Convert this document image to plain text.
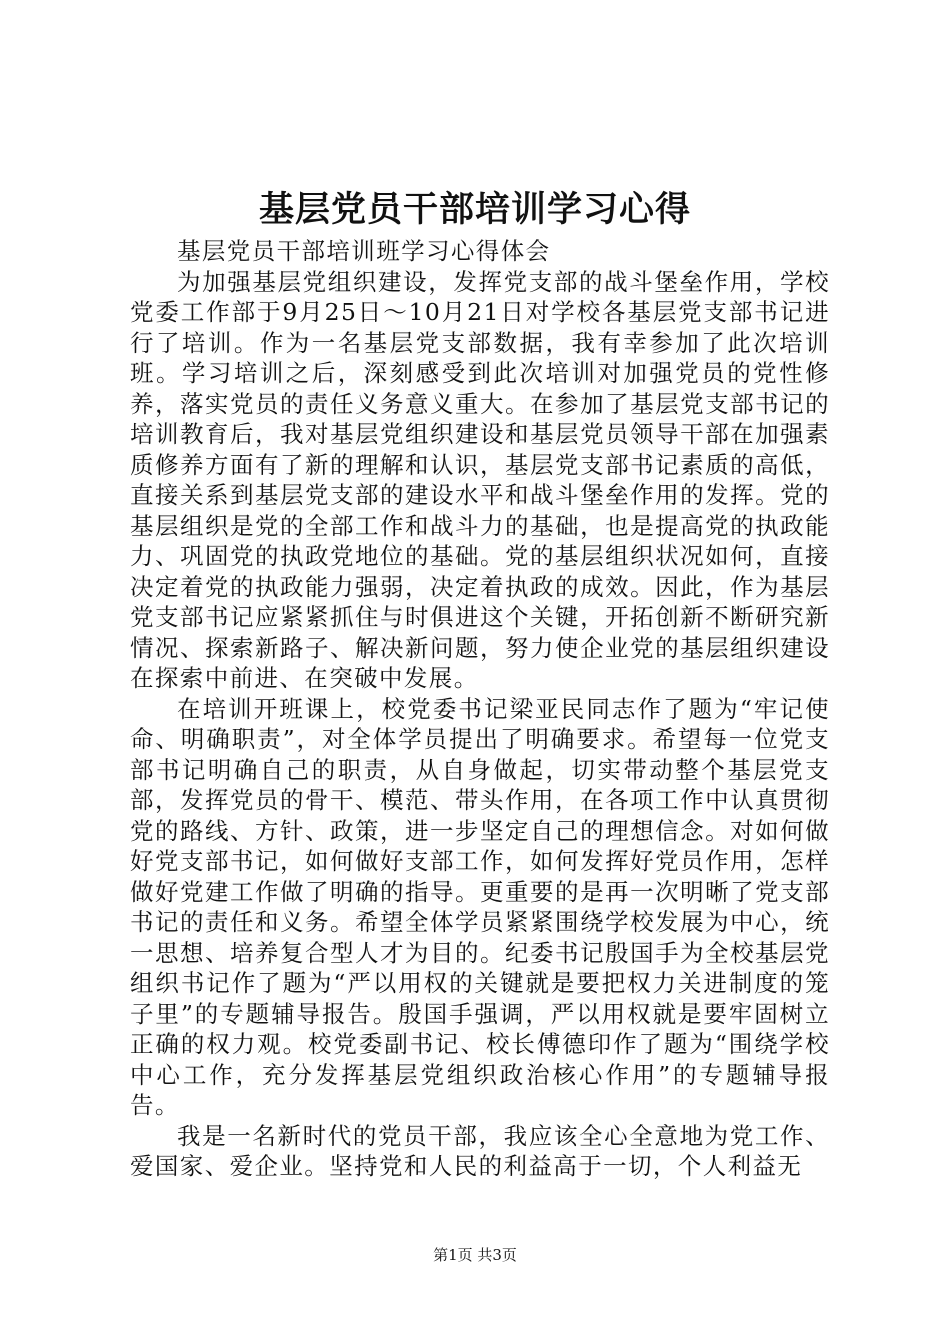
基层党员干部培训学习心得

基层党员干部培训班学习心得体会

为加强基层党组织建设，发挥党支部的战斗堡垒作用，学校党委工作部于9月25日～10月21日对学校各基层党支部书记进行了培训。作为一名基层党支部数据，我有幸参加了此次培训班。学习培训之后，深刻感受到此次培训对加强党员的党性修养，落实党员的责任义务意义重大。在参加了基层党支部书记的培训教育后，我对基层党组织建设和基层党员领导干部在加强素质修养方面有了新的理解和认识，基层党支部书记素质的高低，直接关系到基层党支部的建设水平和战斗堡垒作用的发挥。党的基层组织是党的全部工作和战斗力的基础，也是提高党的执政能力、巩固党的执政党地位的基础。党的基层组织状况如何，直接决定着党的执政能力强弱，决定着执政的成效。因此，作为基层党支部书记应紧紧抓住与时俱进这个关键，开拓创新不断研究新情况、探索新路子、解决新问题，努力使企业党的基层组织建设在探索中前进、在突破中发展。

在培训开班课上，校党委书记梁亚民同志作了题为“牢记使命、明确职责”，对全体学员提出了明确要求。希望每一位党支部书记明确自己的职责，从自身做起，切实带动整个基层党支部，发挥党员的骨干、模范、带头作用，在各项工作中认真贯彻党的路线、方针、政策，进一步坚定自己的理想信念。对如何做好党支部书记，如何做好支部工作，如何发挥好党员作用，怎样做好党建工作做了明确的指导。更重要的是再一次明晰了党支部书记的责任和义务。希望全体学员紧紧围绕学校发展为中心，统一思想、培养复合型人才为目的。纪委书记殷国手为全校基层党组织书记作了题为“严以用权的关键就是要把权力关进制度的笼子里”的专题辅导报告。殷国手强调，严以用权就是要牢固树立正确的权力观。校党委副书记、校长傅德印作了题为“围绕学校中心工作，充分发挥基层党组织政治核心作用”的专题辅导报告。

我是一名新时代的党员干部，我应该全心全意地为党工作、爱国家、爱企业。坚持党和人民的利益高于一切，个人利益无

第1页 共3页
